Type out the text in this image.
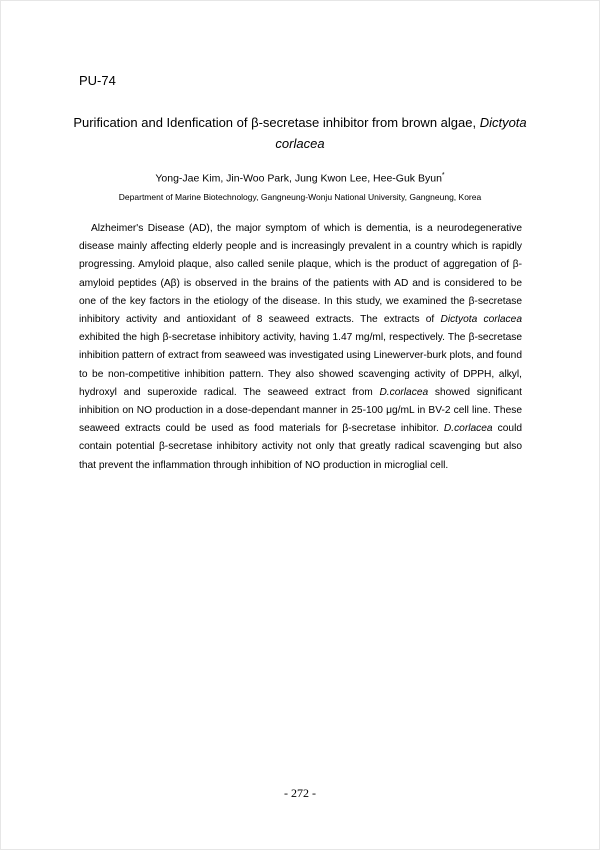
PU-74

Purification and Idenfication of β-secretase inhibitor from brown algae, Dictyota corlacea

Yong-Jae Kim, Jin-Woo Park, Jung Kwon Lee, Hee-Guk Byun*

Department of Marine Biotechnology, Gangneung-Wonju National University, Gangneung, Korea

Alzheimer's Disease (AD), the major symptom of which is dementia, is a neurodegenerative disease mainly affecting elderly people and is increasingly prevalent in a country which is rapidly progressing. Amyloid plaque, also called senile plaque, which is the product of aggregation of β-amyloid peptides (Aβ) is observed in the brains of the patients with AD and is considered to be one of the key factors in the etiology of the disease. In this study, we examined the β-secretase inhibitory activity and antioxidant of 8 seaweed extracts. The extracts of Dictyota corlacea exhibited the high β-secretase inhibitory activity, having 1.47 mg/ml, respectively. The β-secretase inhibition pattern of extract from seaweed was investigated using Linewerver-burk plots, and found to be non-competitive inhibition pattern. They also showed scavenging activity of DPPH, alkyl, hydroxyl and superoxide radical. The seaweed extract from D.corlacea showed significant inhibition on NO production in a dose-dependant manner in 25-100 μg/mL in BV-2 cell line. These seaweed extracts could be used as food materials for β-secretase inhibitor. D.corlacea could contain potential β-secretase inhibitory activity not only that greatly radical scavenging but also that prevent the inflammation through inhibition of NO production in microglial cell.

- 272 -
